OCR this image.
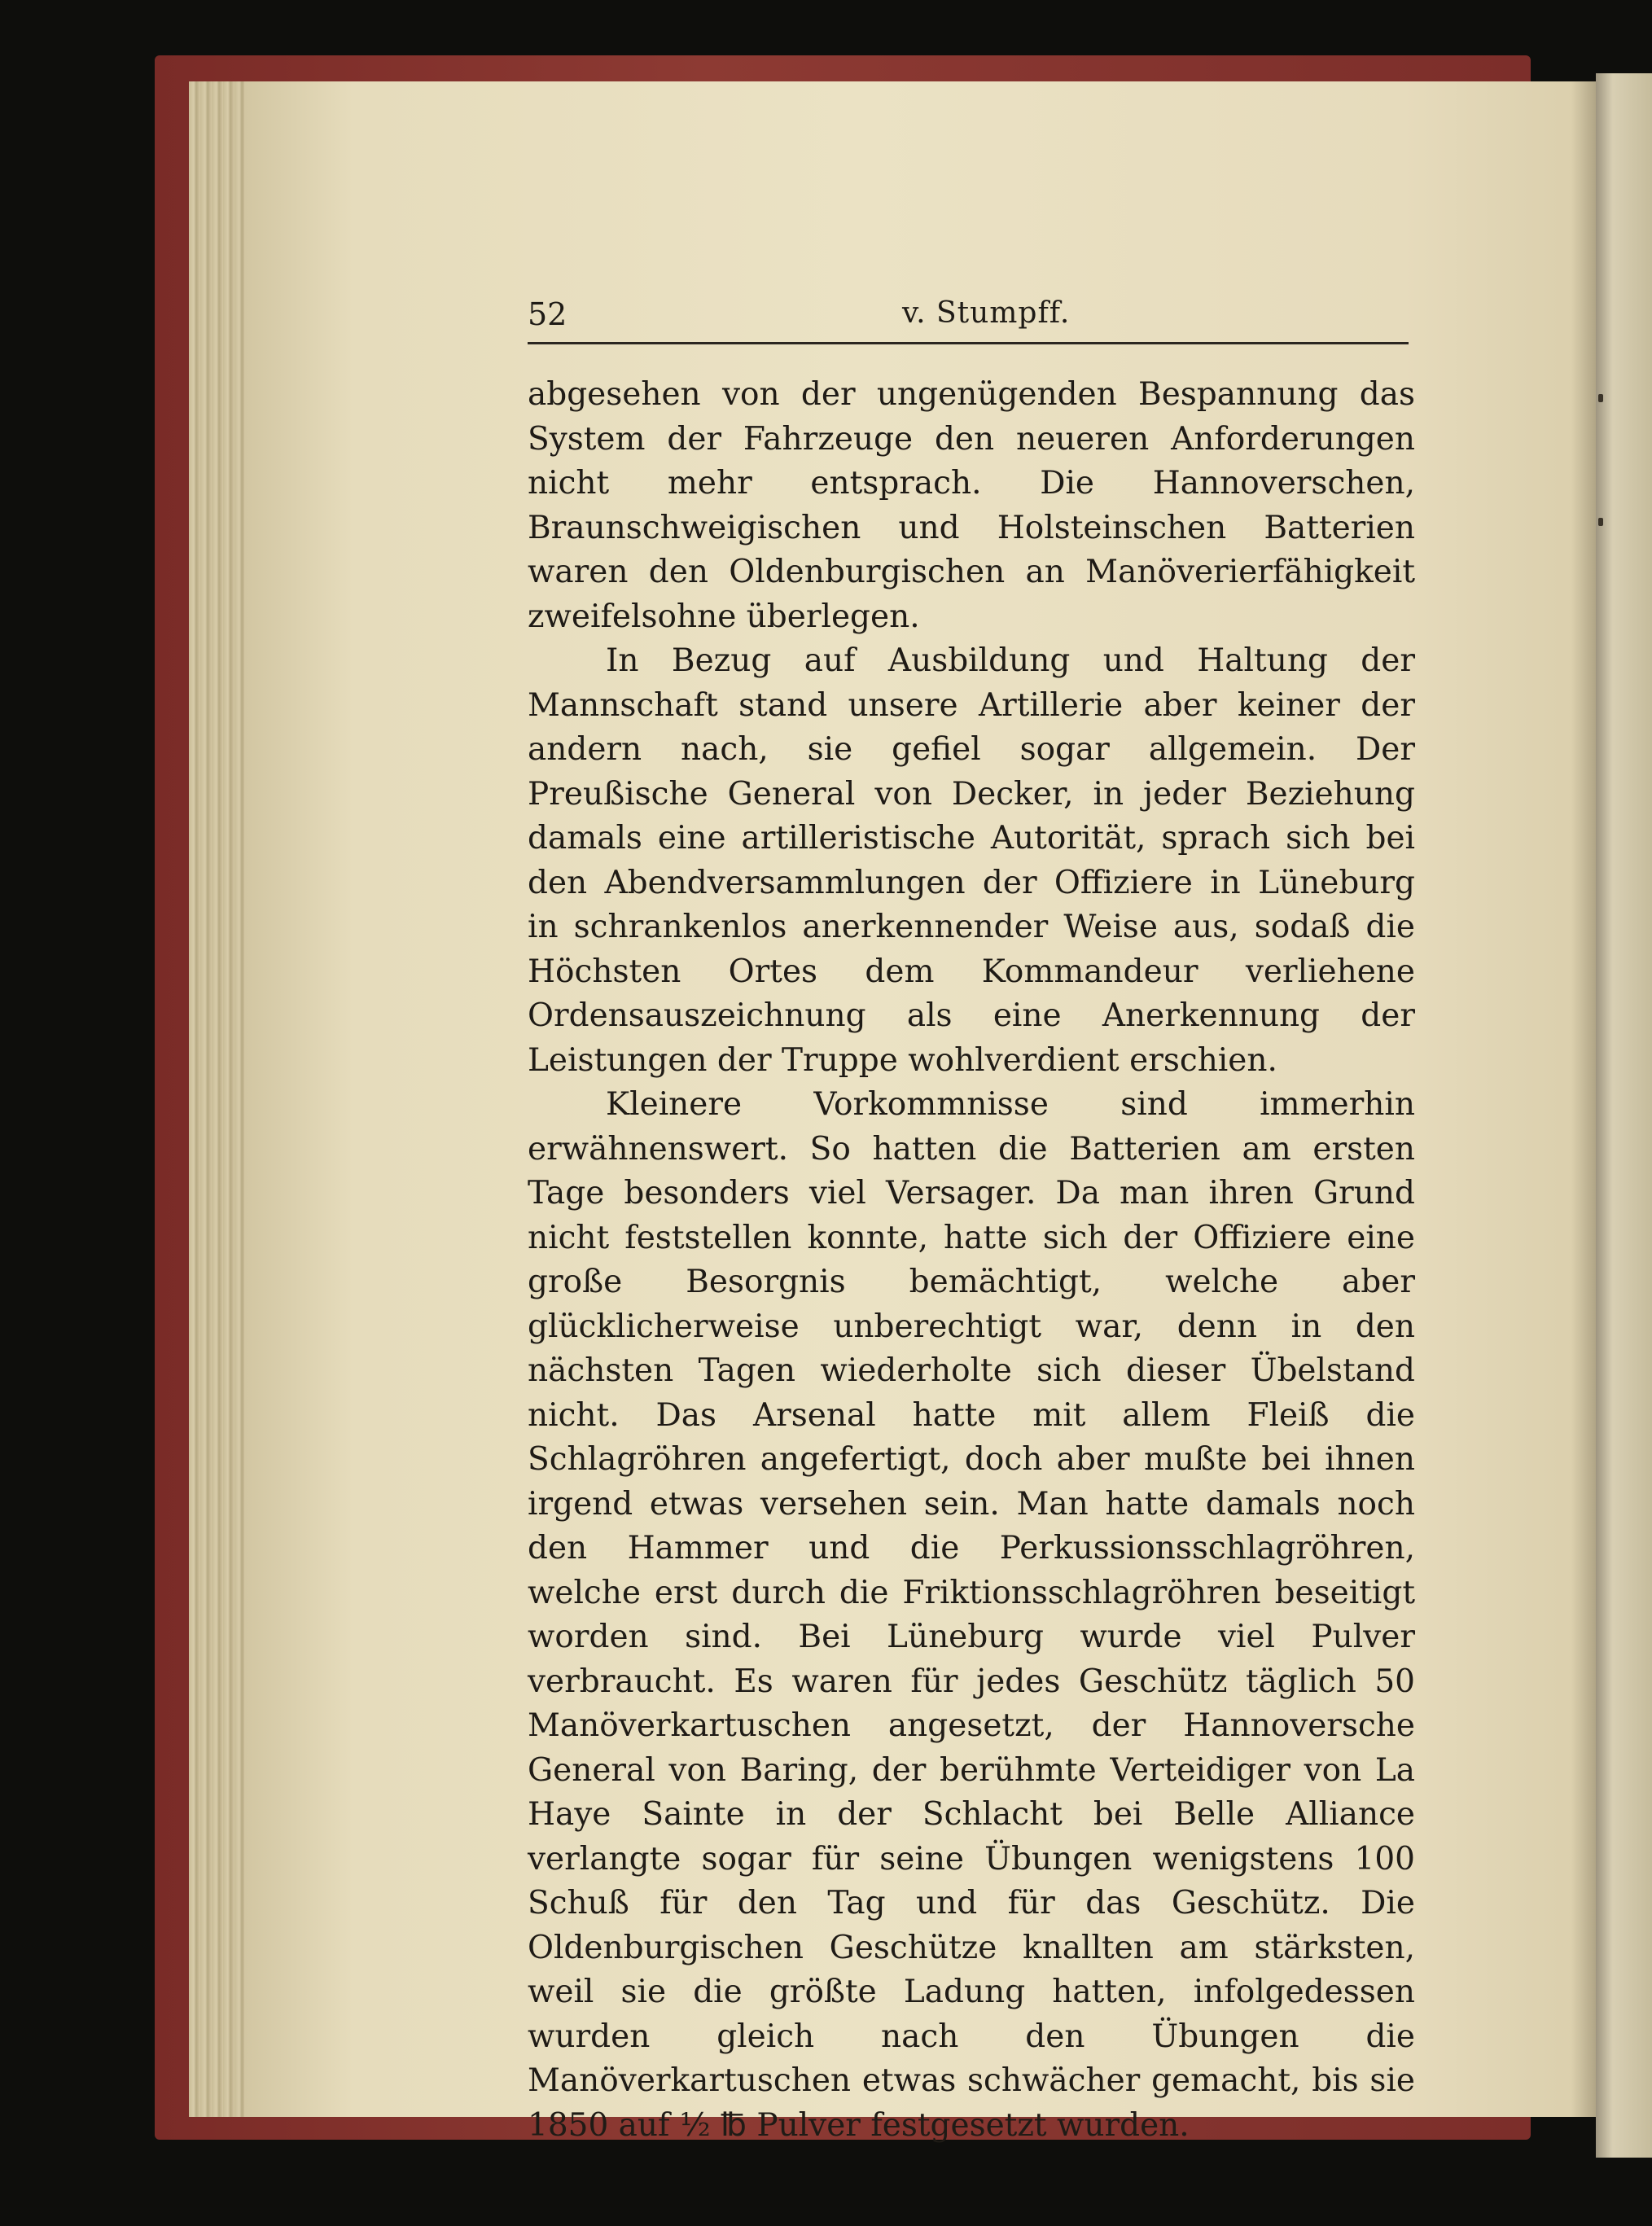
52	v. Stumpff.

abgesehen von der ungenügenden Bespannung das System der Fahrzeuge den neueren Anforderungen nicht mehr entsprach. Die Hannoverschen, Braunschweigischen und Holsteinschen Batterien waren den Oldenburgischen an Manöverierfähigkeit zweifelsohne überlegen.

In Bezug auf Ausbildung und Haltung der Mannschaft stand unsere Artillerie aber keiner der andern nach, sie gefiel sogar allgemein. Der Preußische General von Decker, in jeder Beziehung damals eine artilleristische Autorität, sprach sich bei den Abendversammlungen der Offiziere in Lüneburg in schrankenlos anerkennender Weise aus, sodaß die Höchsten Ortes dem Kommandeur verliehene Ordensauszeichnung als eine Anerkennung der Leistungen der Truppe wohlverdient erschien.

Kleinere Vorkommnisse sind immerhin erwähnenswert. So hatten die Batterien am ersten Tage besonders viel Versager. Da man ihren Grund nicht feststellen konnte, hatte sich der Offiziere eine große Besorgnis bemächtigt, welche aber glücklicherweise unberechtigt war, denn in den nächsten Tagen wiederholte sich dieser Übelstand nicht. Das Arsenal hatte mit allem Fleiß die Schlagröhren angefertigt, doch aber mußte bei ihnen irgend etwas versehen sein. Man hatte damals noch den Hammer und die Perkussionsschlagröhren, welche erst durch die Friktionsschlagröhren beseitigt worden sind. Bei Lüneburg wurde viel Pulver verbraucht. Es waren für jedes Geschütz täglich 50 Manöverkartuschen angesetzt, der Hannoversche General von Baring, der berühmte Verteidiger von La Haye Sainte in der Schlacht bei Belle Alliance verlangte sogar für seine Übungen wenigstens 100 Schuß für den Tag und für das Geschütz. Die Oldenburgischen Geschütze knallten am stärksten, weil sie die größte Ladung hatten, infolgedessen wurden gleich nach den Übungen die Manöverkartuschen etwas schwächer gemacht, bis sie 1850 auf ½ ℔ Pulver festgesetzt wurden.
